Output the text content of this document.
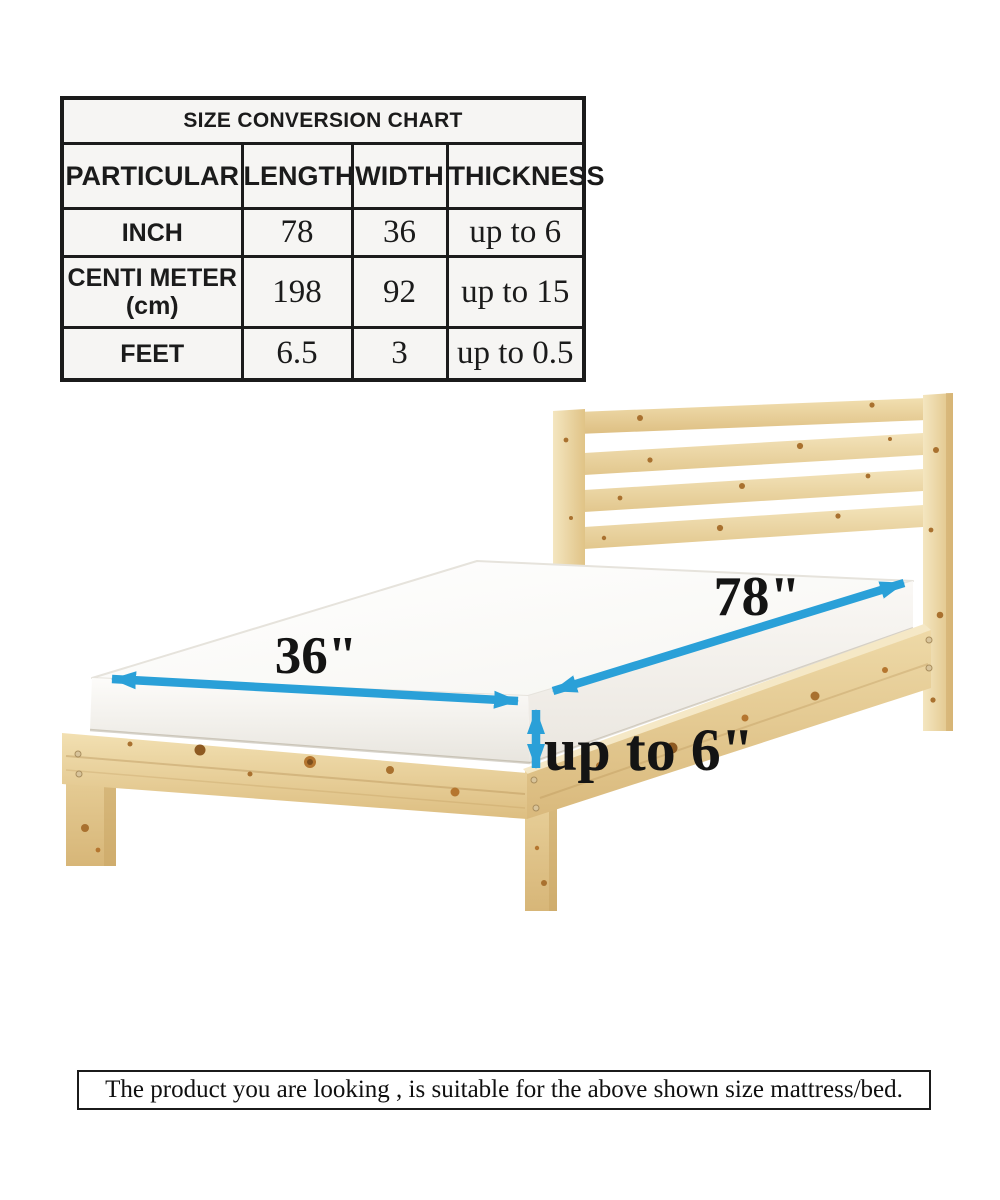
SIZE CONVERSION CHART			
PARTICULAR	LENGTH	WIDTH	THICKNESS

INCH	78	36	up to 6

CENTI METER
(cm)	198	92	up to 15

FEET	6.5	3	up to 0.5
36"
78"
up to 6"
The product you are looking , is suitable for the above shown size mattress/bed.
